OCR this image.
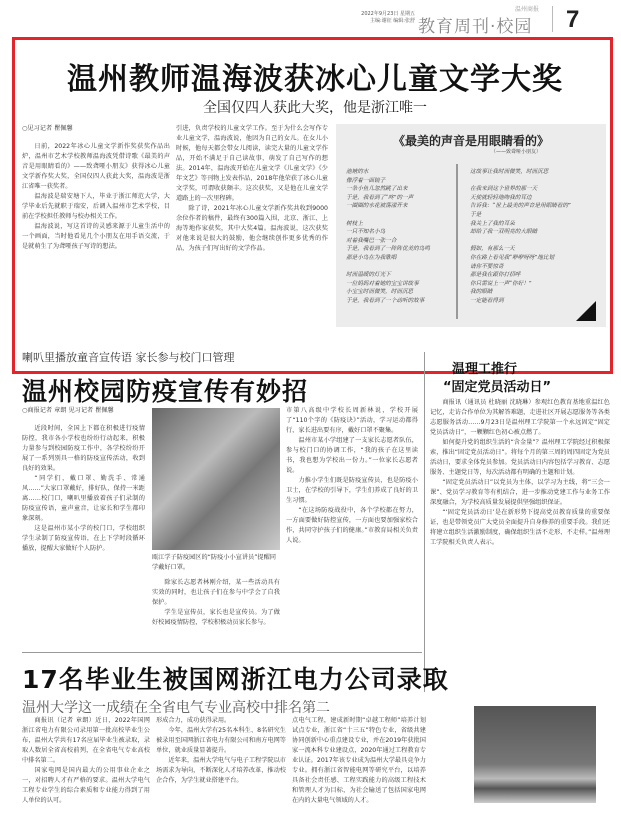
2022年9月23日 星期五
主编:谢征 编辑:张舒
温州商报
教育周刊·校园 7
温州教师温海波获冰心儿童文学大奖
全国仅四人获此大奖，他是浙江唯一

○见习记者 瞿佩馨

日前，2022年冰心儿童文学新作奖获奖作品出炉，温州市艺术学校教师温海波凭借诗歌《最美的声音是用眼睛看的》——致聋哑小朋友》获得冰心儿童文学新作奖大奖，全国仅四人获此大奖，温海波是浙江省唯一获奖者。

温海波是瑞安塘下人，毕业于浙江师范大学，大学毕业后先就职于瑞安，后调入温州市艺术学校，目前在学校担任教师与校办相关工作。

温海波说，写这首诗的灵感来源于儿童生活中的一个画面，当时他看见几个小朋友在用手语交流，于是就萌生了为聋哑孩子写诗的想法。

引进，负责学校的儿童文学工作。至于为什么会写作专业儿童文学，温海波说，他因为自己的女儿。在女儿小时候，他每天都会带女儿阅读，读完大量的儿童文学作品，开始不满足于自己读故事，萌发了自己写作的想法。2014年，温海波开始在儿童文学《儿童文学》《少年文艺》等刊物上发表作品，2018年他荣获了冰心儿童文学奖，可谓收获颇丰。这次获奖，又是他在儿童文学道路上的一次里程碑。

除了诗，2021年冰心儿童文学新作奖共收到9000余位作者的稿件，最终有300篇入围，北京、浙江、上海等地作家获奖，其中大奖4篇。温海波说，这次获奖对他来说是很大的鼓励，他会继续创作更多优秀的作品，为孩子们写出好的文学作品。

《最美的声音是用眼睛看的》
（——致聋哑小朋友）
池塘的水
像浮着一面镜子
一条小鱼儿忽然跳了出来
于是，我看到了“咚”的一声
一圈圈的水花被荡漾开来
树枝上
一只不知名小鸟
对着我嘴巴一张一合
于是，我看到了一阵阵优美的鸟鸣
那是小鸟在为我歌唱
时而温暖的灯光下
一位妈妈对着她的宝宝讲故事
小宝宝时而微笑，时而沉思
于是，我看到了一个动听的故事
这故事让我时而微笑，时而沉思
在我来到这个世界的那一天
天使就轻轻地吻我的耳边
告诉我：“世上最美的声音是用眼睛看的”
于是
我关上了我的耳朵
却给了我一双明亮的大眼睛
假如，有那么一天
你在路上看见我“咿咿呀呀”地比划
请你不要惊奇
那是我在跟你打招呼
你只需说上一声“你好！”
我的眼睛
一定能看得到
喇叭里播放童音宣传语 家长参与校门口管理
温州校园防疫宣传有妙招

○商报记者 章朗 见习记者 瞿佩馨

近段时间，全国上下都在积极进行疫情防控，我市各小学校也纷纷行动起来，积极力量参与到校园防疫工作中，各学校纷纷开展了一系列别具一格的防疫宣传活动，收到良好的效果。

“同学们，戴口罩、勤洗手、常通风……”大家口罩戴好，排好队，保持一米距离……校门口，喇叭里播放着孩子们录制的防疫宣传语，童声童音，让家长和学生都印象深刻。

这是温州市某小学的校门口，学校组织学生录制了防疫宣传语，在上下学时段循环播放，提醒大家做好个人防护。

瓯江学子防疫园区的“防疫小小宣讲员”提醒同学戴好口罩。

除家长志愿者林刚介绍，某一些活动具有实效的同时，也让孩子们在参与中学会了自我保护。

学生是宣传员，家长也是宣传员。为了做好校园疫情防控，学校积极动员家长参与。

市第八高级中学校长周新林说，学校开展了“110个字的《防疫诀》”活动，学习运动都得行，家长进出要有序，戴好口罩不聚集。

温州市某小学组建了一支家长志愿者队伍，参与校门口的协调工作，“我的孩子在这里读书，我也想为学校出一份力。”一位家长志愿者说。

力推小学生们既是防疫宣传员，也是防疫小卫士，在学校的引导下，学生们养成了良好的卫生习惯。

“在这场防疫战役中，各个学校都在努力，一方面要做好防控宣传，一方面也要加强家校合作，共同守护孩子们的健康。”市教育局相关负责人说。

温理工推行
“固定党员活动日”

商报讯（通讯员 杜晓丽 沈晓琳）参观红色教育基地重温红色记忆，走访合作单位为其解答难题，走进社区开展志愿服务等各类志愿服务活动……9月23日是温州理工学院第一个永远固定“固定党员活动日”，一颗颗红色初心被点燃了。

如何提升党的组织生活的“含金量”？温州理工学院经过积极探索，推出“固定党员活动日”。将每个月的第三周的周四固定为党员活动日，要求全体党员参加。党员活动日内容包括学习教育、志愿服务、主题党日等，每次活动都有明确的主题和计划。

“固定党员活动日”以党员为主体，以学习为主线，将“三会一课”、党员学习教育等有机结合，进一步推动党建工作与业务工作深度融合，为学校高质量发展提供坚强组织保证。

“‘固定党员活动日’是在新形势下提高党员教育质量的重要保证，也是带领党员广大党员全面提升自身修养的重要手段。我们还将建立组织生活激励制度，确保组织生活不走形、不走样。”温州理工学院相关负责人表示。

17名毕业生被国网浙江电力公司录取
温州大学这一成绩在全省电气专业高校中排名第二

商报讯（记者 章朗）近日，2022年国网浙江省电力有限公司录用第一批高校毕业生公布，温州大学共有17名应届毕业生被录取，录取人数居全省高校前列，在全省电气专业高校中排名第二。

国家电网是国内最大的公用事业企业之一，对招聘人才有严格的要求。温州大学电气工程专业学生的综合素质和专业能力得到了用人单位的认可。

形成合力，成功获得录用。

今年，温州大学有25名本科生、8名研究生被录用至国网浙江省电力有限公司和南方电网等单位，就业质量显著提升。

近年来，温州大学电气与电子工程学院以市场需求为导向，不断深化人才培养改革，推动校企合作，为学生就业搭建平台。

点电气工程，建成新时期“卓越工程师”培养计划试点专业，浙江省“十三五”特色专业，省级共建协同创新中心重点建设专业，并在2019年获批国家一流本科专业建设点，2020年通过工程教育专业认证。2017年该专业成为温州大学最具竞争力专业。拥有浙江省智能电网等研究平台，以培养具备社会责任感、工程实践能力的高级工程技术和管理人才为目标，为社会输送了包括国家电网在内的大量电气领域的人才。
